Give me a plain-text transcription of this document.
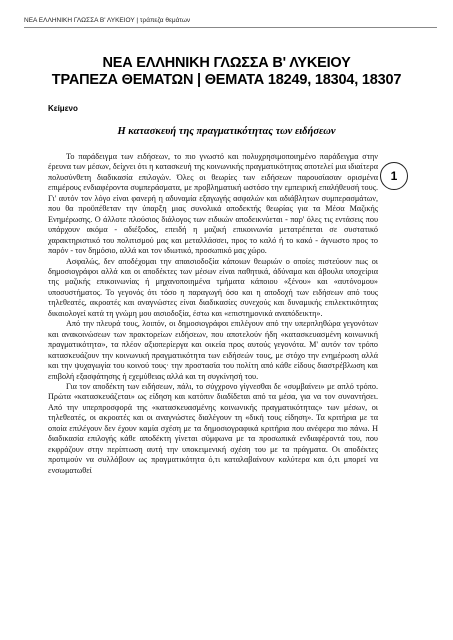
ΝΕΑ ΕΛΛΗΝΙΚΗ ΓΛΩΣΣΑ Β' ΛΥΚΕΙΟΥ | τράπεζα θεμάτων
ΝΕΑ ΕΛΛΗΝΙΚΗ ΓΛΩΣΣΑ Β' ΛΥΚΕΙΟΥ
ΤΡΑΠΕΖΑ ΘΕΜΑΤΩΝ | ΘΕΜΑΤΑ 18249, 18304, 18307
Κείμενο
Η κατασκευή της πραγματικότητας των ειδήσεων
1

Το παράδειγμα των ειδήσεων, το πιο γνωστό και πολυχρησιμοποιημένο παράδειγμα στην έρευνα των μέσων, δείχνει ότι η κατασκευή της κοινωνικής πραγματικότητας αποτελεί μια ιδιαίτερα πολυσύνθετη διαδικασία επιλογών. Όλες οι θεωρίες των ειδήσεων παρουσίασαν ορισμένα επιμέρους ενδιαφέροντα συμπεράσματα, με προβληματική ωστόσο την εμπειρική επαλήθευσή τους. Γι' αυτόν τον λόγο είναι φανερή η αδυναμία εξαγωγής ασφαλών και αδιάβλητων συμπερασμάτων, που θα προϋπέθεταν την ύπαρξη μιας συνολικά αποδεκτής θεωρίας για τα Μέσα Μαζικής Ενημέρωσης. Ο άλλοτε πλούσιος διάλογος των ειδικών αποδεικνύεται - παρ' όλες τις εντάσεις που υπάρχουν ακόμα - αδιέξοδος, επειδή η μαζική επικοινωνία μετατρέπεται σε συστατικό χαρακτηριστικό του πολιτισμού μας και μεταλλάσσει, προς το καλό ή το κακό - άγνωστο προς το παρόν - τον δημόσιο, αλλά και τον ιδιωτικό, προσωπικό μας χώρο.

Ασφαλώς, δεν αποδέχομαι την απαισιοδοξία κάποιων θεωριών ο οποίες πιστεύουν πως οι δημοσιογράφοι αλλά και οι αποδέκτες των μέσων είναι παθητικά, άδύναμα και άβουλα υποχείρια της μαζικής επικοινωνίας ή μηχανοποιημένα τμήματα κάποιου «ξένου» και «αυτόνομου» υποσυστήματος. Το γεγονός ότι τόσο η παραγωγή όσο και η αποδοχή των ειδήσεων από τους τηλεθεατές, ακροατές και αναγνώστες είναι διαδικασίες συνεχούς και δυναμικής επιλεκτικότητας δικαιολογεί κατά τη γνώμη μου αισιοδοξία, έστω και «επιστημονικά αναπόδεικτη».

Από την πλευρά τους, λοιπόν, οι δημοσιογράφοι επιλέγουν από την υπερπληθώρα γεγονότων και ανακοινώσεων των πρακτορείων ειδήσεων, που αποτελούν ήδη «κατασκευασμένη κοινωνική πραγματικότητα», τα πλέον αξιοπερίεργα και οικεία προς αυτούς γεγονότα. Μ' αυτόν τον τρόπο κατασκευάζουν την κοινωνική πραγματικότητα των ειδήσεών τους, με στόχο την ενημέρωση αλλά και την ψυχαγωγία του κοινού τους· την προστασία του πολίτη από κάθε είδους διαστρέβλωση και επιβολή εξασφάτησης ή εχεμύθειας αλλά και τη συγκίνησή του.

Για τον αποδέκτη των ειδήσεων, πάλι, το σύγχρονο γίγνεσθαι δε «συμβαίνει» με απλό τρόπο. Πρώτα «κατασκευάζεται» ως είδηση και κατόπιν διαδίδεται από τα μέσα, για να τον συναντήσει. Από την υπερπροσφορά της «κατασκευασμένης κοινωνικής πραγματικότητας» των μέσων, οι τηλεθεατές, οι ακροατές και οι αναγνώστες διαλέγουν τη «δική τους είδηση». Τα κριτήρια με τα οποία επιλέγουν δεν έχουν καμία σχέση με τα δημοσιογραφικά κριτήρια που ανέφερα πιο πάνω. Η διαδικασία επιλογής κάθε αποδέκτη γίνεται σύμφωνα με τα προσωπικά ενδιαφέροντά του, που εκφράζουν στην περίπτωση αυτή την υποκειμενική σχέση του με τα πράγματα. Οι αποδέκτες προτιμούν να συλλάβουν ως πραγματικότητα ό,τι καταλαβαίνουν καλύτερα και ό,τι μπορεί να ενσωματωθεί
